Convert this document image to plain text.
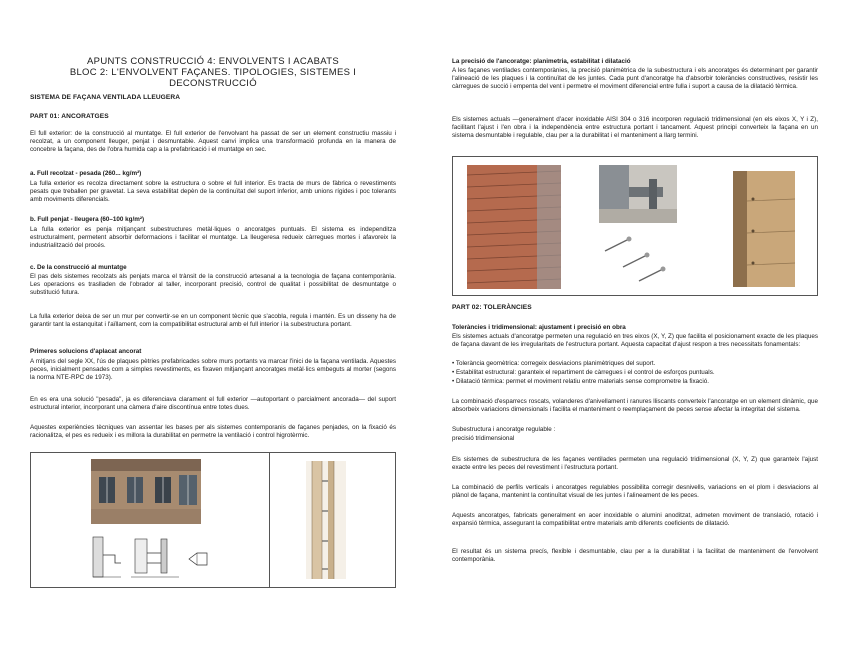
APUNTS CONSTRUCCIÓ 4: ENVOLVENTS I ACABATS
BLOC 2: L'ENVOLVENT FAÇANES. TIPOLOGIES, SISTEMES I DECONSTRUCCIÓ
SISTEMA DE FAÇANA VENTILADA LLEUGERA
PART 01: ANCORATGES

El full exterior: de la construcció al muntatge. El full exterior de l'envolvant ha passat de ser un element constructiu massiu i recolzat, a un component lleuger, penjat i desmuntable. Aquest canvi implica una transformació profunda en la manera de concebre la façana, des de l'obra humida cap a la prefabricació i el muntatge en sec.

a. Full recolzat - pesada (260... kg/m²)

La fulla exterior es recolza directament sobre la estructura o sobre el full interior. Es tracta de murs de fàbrica o revestiments pesats que treballen per gravetat. La seva estabilitat depèn de la continuïtat del suport inferior, amb unions rígides i poc tolerants amb moviments diferencials.

b. Full penjat - lleugera (60–100 kg/m²)

La fulla exterior es penja mitjançant subestructures metàl·liques o ancoratges puntuals. El sistema es independitza estructuralment, permetent absorbir deformacions i facilitar el muntatge. La lleugeresa redueix càrregues mortes i afavoreix la industrialització del procés.

c. De la construcció al muntatge

El pas dels sistemes recolzats als penjats marca el trànsit de la construcció artesanal a la tecnologia de façana contemporània. Les operacions es traslladen de l'obrador al taller, incorporant precisió, control de qualitat i possibilitat de desmuntatge o substitució futura.

La fulla exterior deixa de ser un mur per convertir-se en un component tècnic que s'acobla, regula i mantén. Es un disseny ha de garantir tant la estanquitat i l'aïllament, com la compatibilitat estructural amb el full interior i la subestructura portant.

Primeres solucions d'aplacat ancorat

A mitjans del segle XX, l'ús de plaques pètries prefabricades sobre murs portants va marcar l'inici de la façana ventilada. Aquestes peces, inicialment pensades com a simples revestiments, es fixaven mitjançant ancoratges metàl·lics embeguts al morter (segons la norma NTE-RPC de 1973).

En es era una solució "pesada", ja es diferenciava clarament el full exterior —autoportant o parcialment ancorada— del suport estructural interior, incorporant una càmera d'aire discontínua entre totes dues.

Aquestes experiències tècniques van assentar les bases per als sistemes contemporanis de façanes penjades, on la fixació és racionalitza, el pes es redueix i es millora la durabilitat en permetre la ventilació i control higrotèrmic.

La precisió de l'ancoratge: planimetria, estabilitat i dilatació

A les façanes ventilades contemporànies, la precisió planimètrica de la subestructura i els ancoratges és determinant per garantir l'alineació de les plaques i la continuïtat de les juntes. Cada punt d'ancoratge ha d'absorbir toleràncies constructives, resistir les càrregues de succió i empenta del vent i permetre el moviment diferencial entre fulla i suport a causa de la dilatació tèrmica.

Els sistemes actuals —generalment d'acer inoxidable AISI 304 o 316 incorporen regulació tridimensional (en els eixos X, Y i Z), facilitant l'ajust i l'en obra i la independència entre estructura portant i tancament. Aquest principi converteix la façana en un sistema desmuntable i regulable, clau per a la durabilitat i el manteniment a llarg termini.

PART 02: TOLERÀNCIES
Toleràncies i tridimensional: ajustament i precisió en obra

Els sistemes actuals d'ancoratge permeten una regulació en tres eixos (X, Y, Z) que facilita el posicionament exacte de les plaques de façana davant de les irregularitats de l'estructura portant. Aquesta capacitat d'ajust respon a tres necessitats fonamentals:

• Tolerància geomètrica: corregeix desviacions planimètriques del suport.
• Estabilitat estructural: garanteix el repartiment de càrregues i el control de esforços puntuals.
• Dilatació tèrmica: permet el moviment relatiu entre materials sense comprometre la fixació.

La combinació d'esparrecs roscats, volanderes d'anivellament i ranures lliscants converteix l'ancoratge en un element dinàmic, que absorbeix variacions dimensionals i facilita el manteniment o reemplaçament de peces sense afectar la integritat del sistema.

Subestructura i ancoratge regulable :
precisió tridimensional

Els sistemes de subestructura de les façanes ventilades permeten una regulació tridimensional (X, Y, Z) que garanteix l'ajust exacte entre les peces del revestiment i l'estructura portant.

La combinació de perfils verticals i ancoratges regulables possibilita corregir desnivells, variacions en el plom i desviacions al plànol de façana, mantenint la continuïtat visual de les juntes i l'alineament de les peces.

Aquests ancoratges, fabricats generalment en acer inoxidable o alumini anoditzat, admeten moviment de translació, rotació i expansió tèrmica, assegurant la compatibilitat entre materials amb diferents coeficients de dilatació.

El resultat és un sistema precís, flexible i desmuntable, clau per a la durabilitat i la facilitat de manteniment de l'envolvent contemporània.
